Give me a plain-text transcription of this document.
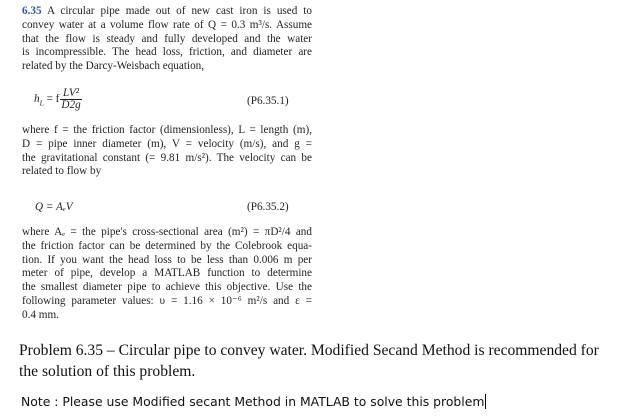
6.35 A circular pipe made out of new cast iron is used to
convey water at a volume flow rate of Q = 0.3 m³/s. Assume
that the flow is steady and fully developed and the water
is incompressible. The head loss, friction, and diameter are
related by the Darcy-Weisbach equation,
$h_L = f \frac{\text{LV²}}{D2g}$	(P6.35.1)
where f = the friction factor (dimensionless), L = length (m),
D = pipe inner diameter (m), V = velocity (m/s), and g =
the gravitational constant (= 9.81 m/s²). The velocity can be
related to flow by
Q = AₑV	(P6.35.2)
where Aₑ = the pipe's cross-sectional area (m²) = πD²/4 and
the friction factor can be determined by the Colebrook equa-
tion. If you want the head loss to be less than 0.006 m per
meter of pipe, develop a MATLAB function to determine
the smallest diameter pipe to achieve this objective. Use the
following parameter values: υ = 1.16 × 10⁻⁶ m²/s and ε =
0.4 mm.
Problem 6.35 – Circular pipe to convey water. Modified Secand Method is recommended for the solution of this problem.
Note : Please use Modified secant Method in MATLAB to solve this problem
